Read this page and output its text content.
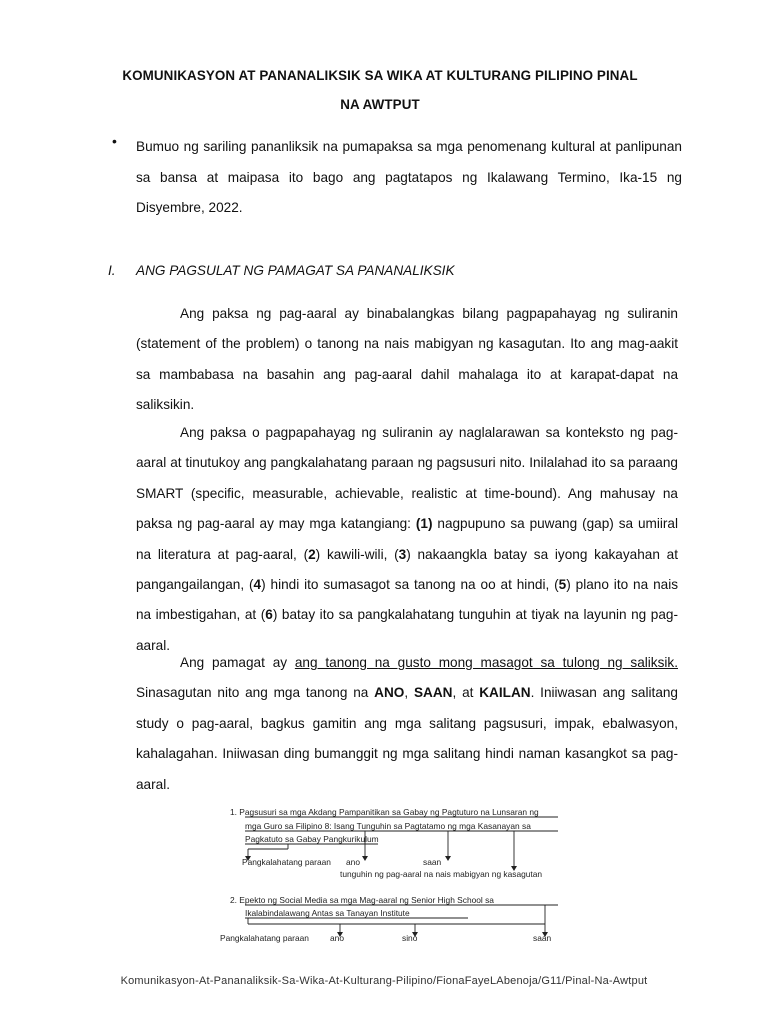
KOMUNIKASYON AT PANANALIKSIK SA WIKA AT KULTURANG PILIPINO PINAL
NA AWTPUT
• Bumuo ng sariling pananliksik na pumapaksa sa mga penomenang kultural at panlipunan sa bansa at maipasa ito bago ang pagtatapos ng Ikalawang Termino, Ika-15 ng Disyembre, 2022.
I.	ANG PAGSULAT NG PAMAGAT SA PANANALIKSIK
Ang paksa ng pag-aaral ay binabalangkas bilang pagpapahayag ng suliranin (statement of the problem) o tanong na nais mabigyan ng kasagutan. Ito ang mag-aakit sa mambabasa na basahin ang pag-aaral dahil mahalaga ito at karapat-dapat na saliksikin.
Ang paksa o pagpapahayag ng suliranin ay naglalarawan sa konteksto ng pag-aaral at tinutukoy ang pangkalahatang paraan ng pagsusuri nito. Inilalahad ito sa paraang SMART (specific, measurable, achievable, realistic at time-bound). Ang mahusay na paksa ng pag-aaral ay may mga katangiang: (1) nagpupuno sa puwang (gap) sa umiiral na literatura at pag-aaral, (2) kawili-wili, (3) nakaangkla batay sa iyong kakayahan at pangangailangan, (4) hindi ito sumasagot sa tanong na oo at hindi, (5) plano ito na nais na imbestigahan, at (6) batay ito sa pangkalahatang tunguhin at tiyak na layunin ng pag-aaral.
Ang pamagat ay ang tanong na gusto mong masagot sa tulong ng saliksik. Sinasagutan nito ang mga tanong na ANO, SAAN, at KAILAN. Iniiwasan ang salitang study o pag-aaral, bagkus gamitin ang mga salitang pagsusuri, impak, ebalwasyon, kahalagahan. Iniiwasan ding bumanggit ng mga salitang hindi naman kasangkot sa pag-aaral.
1. Pagsusuri sa mga Akdang Pampanitikan sa Gabay ng Pagtuturo na Lunsaran ng
mga Guro sa Filipino 8: Isang Tunguhin sa Pagtatamo ng mga Kasanayan sa
Pagkatuto sa Gabay Pangkurikulum
Pangkalahatang paraan ano	saan
tunguhin ng pag-aaral na nais mabigyan ng kasagutan
2. Epekto ng Social Media sa mga Mag-aaral ng Senior High School sa
Ikalabindalawang Antas sa Tanayan Institute
Pangkalahatang paraan	ano	sino	saan
Komunikasyon-At-Pananaliksik-Sa-Wika-At-Kulturang-Pilipino/FionaFayeLAbenoja/G11/Pinal-Na-Awtput
